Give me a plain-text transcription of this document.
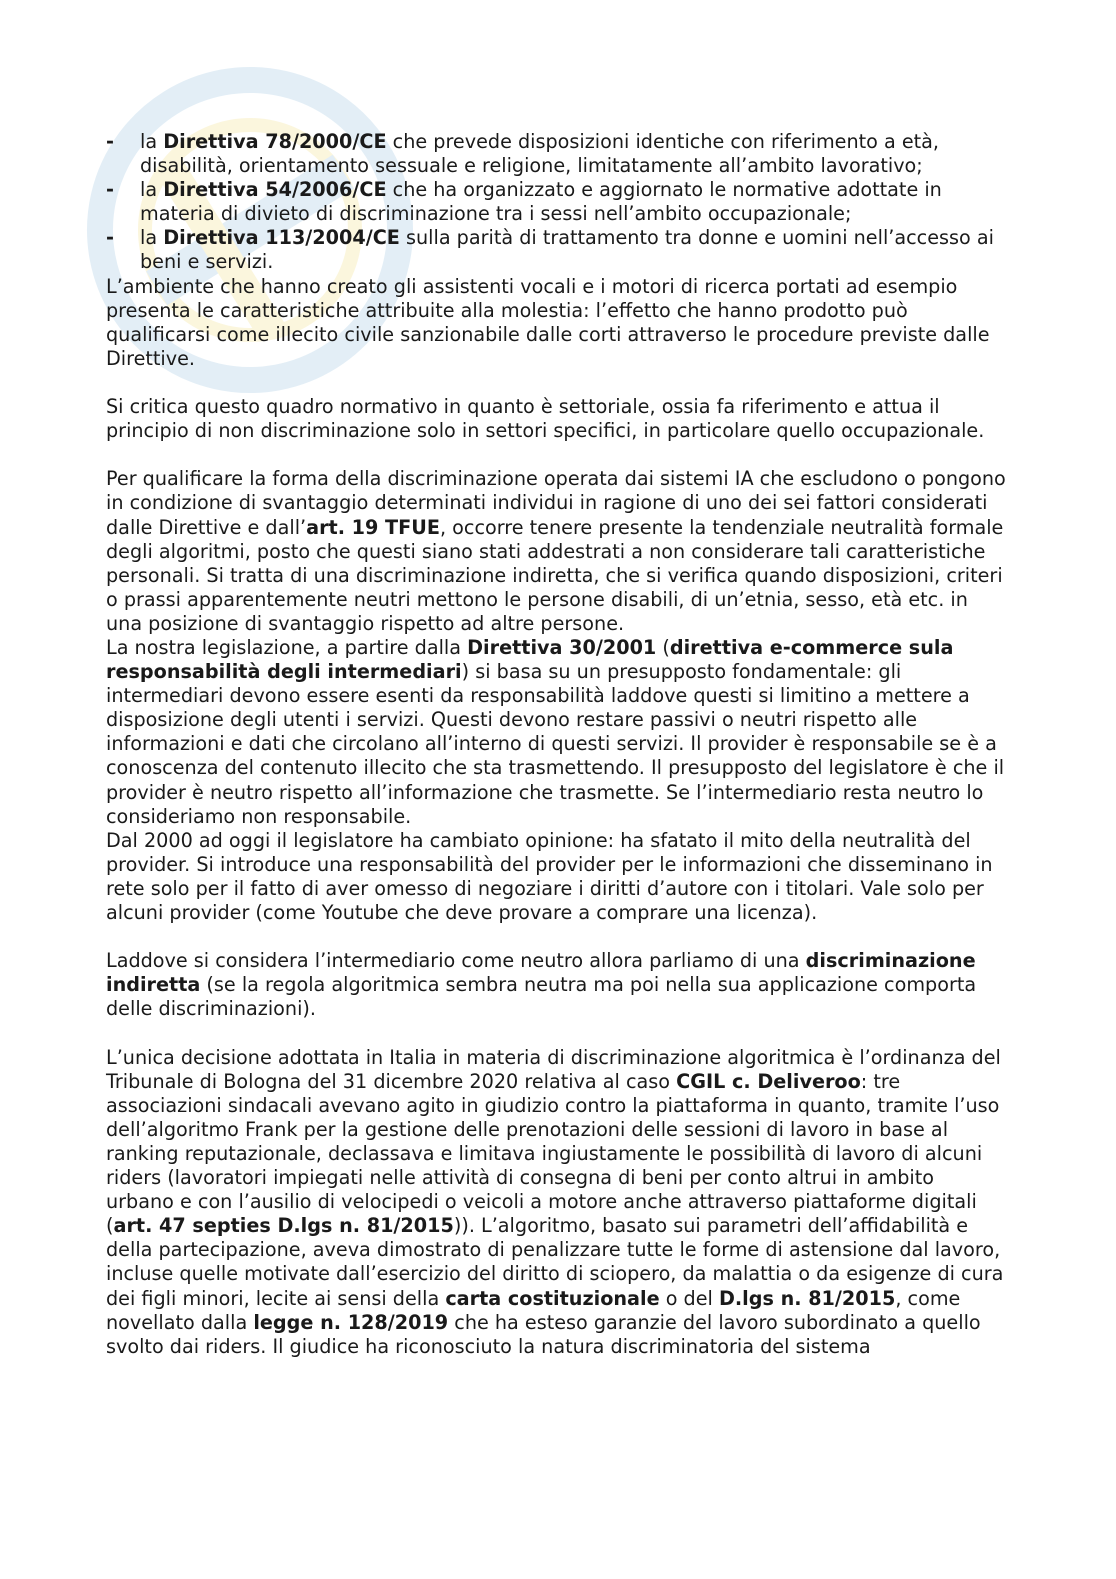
- la Direttiva 78/2000/CE che prevede disposizioni identiche con riferimento a età, disabilità, orientamento sessuale e religione, limitatamente all’ambito lavorativo;
- la Direttiva 54/2006/CE che ha organizzato e aggiornato le normative adottate in materia di divieto di discriminazione tra i sessi nell’ambito occupazionale;
- la Direttiva 113/2004/CE sulla parità di trattamento tra donne e uomini nell’accesso ai beni e servizi.

L’ambiente che hanno creato gli assistenti vocali e i motori di ricerca portati ad esempio presenta le caratteristiche attribuite alla molestia: l’effetto che hanno prodotto può qualificarsi come illecito civile sanzionabile dalle corti attraverso le procedure previste dalle Direttive.

Si critica questo quadro normativo in quanto è settoriale, ossia fa riferimento e attua il principio di non discriminazione solo in settori specifici, in particolare quello occupazionale.

Per qualificare la forma della discriminazione operata dai sistemi IA che escludono o pongono in condizione di svantaggio determinati individui in ragione di uno dei sei fattori considerati dalle Direttive e dall’art. 19 TFUE, occorre tenere presente la tendenziale neutralità formale degli algoritmi, posto che questi siano stati addestrati a non considerare tali caratteristiche personali. Si tratta di una discriminazione indiretta, che si verifica quando disposizioni, criteri o prassi apparentemente neutri mettono le persone disabili, di un’etnia, sesso, età etc. in una posizione di svantaggio rispetto ad altre persone.

La nostra legislazione, a partire dalla Direttiva 30/2001 (direttiva e-commerce sula responsabilità degli intermediari) si basa su un presupposto fondamentale: gli intermediari devono essere esenti da responsabilità laddove questi si limitino a mettere a disposizione degli utenti i servizi. Questi devono restare passivi o neutri rispetto alle informazioni e dati che circolano all’interno di questi servizi. Il provider è responsabile se è a conoscenza del contenuto illecito che sta trasmettendo. Il presupposto del legislatore è che il provider è neutro rispetto all’informazione che trasmette. Se l’intermediario resta neutro lo consideriamo non responsabile.

Dal 2000 ad oggi il legislatore ha cambiato opinione: ha sfatato il mito della neutralità del provider. Si introduce una responsabilità del provider per le informazioni che disseminano in rete solo per il fatto di aver omesso di negoziare i diritti d’autore con i titolari. Vale solo per alcuni provider (come Youtube che deve provare a comprare una licenza).

Laddove si considera l’intermediario come neutro allora parliamo di una discriminazione indiretta (se la regola algoritmica sembra neutra ma poi nella sua applicazione comporta delle discriminazioni).

L’unica decisione adottata in Italia in materia di discriminazione algoritmica è l’ordinanza del Tribunale di Bologna del 31 dicembre 2020 relativa al caso CGIL c. Deliveroo: tre associazioni sindacali avevano agito in giudizio contro la piattaforma in quanto, tramite l’uso dell’algoritmo Frank per la gestione delle prenotazioni delle sessioni di lavoro in base al ranking reputazionale, declassava e limitava ingiustamente le possibilità di lavoro di alcuni riders (lavoratori impiegati nelle attività di consegna di beni per conto altrui in ambito urbano e con l’ausilio di velocipedi o veicoli a motore anche attraverso piattaforme digitali (art. 47 septies D.lgs n. 81/2015)). L’algoritmo, basato sui parametri dell’affidabilità e della partecipazione, aveva dimostrato di penalizzare tutte le forme di astensione dal lavoro, incluse quelle motivate dall’esercizio del diritto di sciopero, da malattia o da esigenze di cura dei figli minori, lecite ai sensi della carta costituzionale o del D.lgs n. 81/2015, come novellato dalla legge n. 128/2019 che ha esteso garanzie del lavoro subordinato a quello svolto dai riders. Il giudice ha riconosciuto la natura discriminatoria del sistema
